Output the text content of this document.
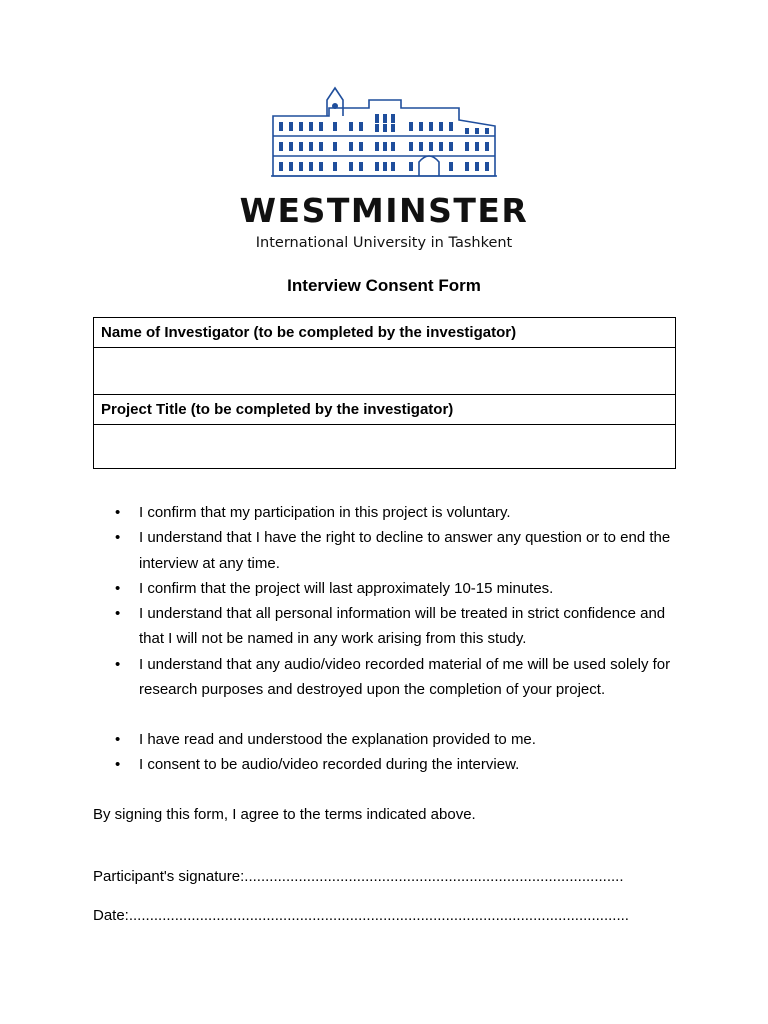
WESTMINSTER
International University in Tashkent
Interview Consent Form
Name of Investigator (to be completed by the investigator)

Project Title (to be completed by the investigator)

• I confirm that my participation in this project is voluntary.
• I understand that I have the right to decline to answer any question or to end the interview at any time.
• I confirm that the project will last approximately 10-15 minutes.
• I understand that all personal information will be treated in strict confidence and that I will not be named in any work arising from this study.
• I understand that any audio/video recorded material of me will be used solely for research purposes and destroyed upon the completion of your project.
• I have read and understood the explanation provided to me.
• I consent to be audio/video recorded during the interview.
By signing this form, I agree to the terms indicated above.
Participant's signature:...........................................................................................
Date:........................................................................................................................
